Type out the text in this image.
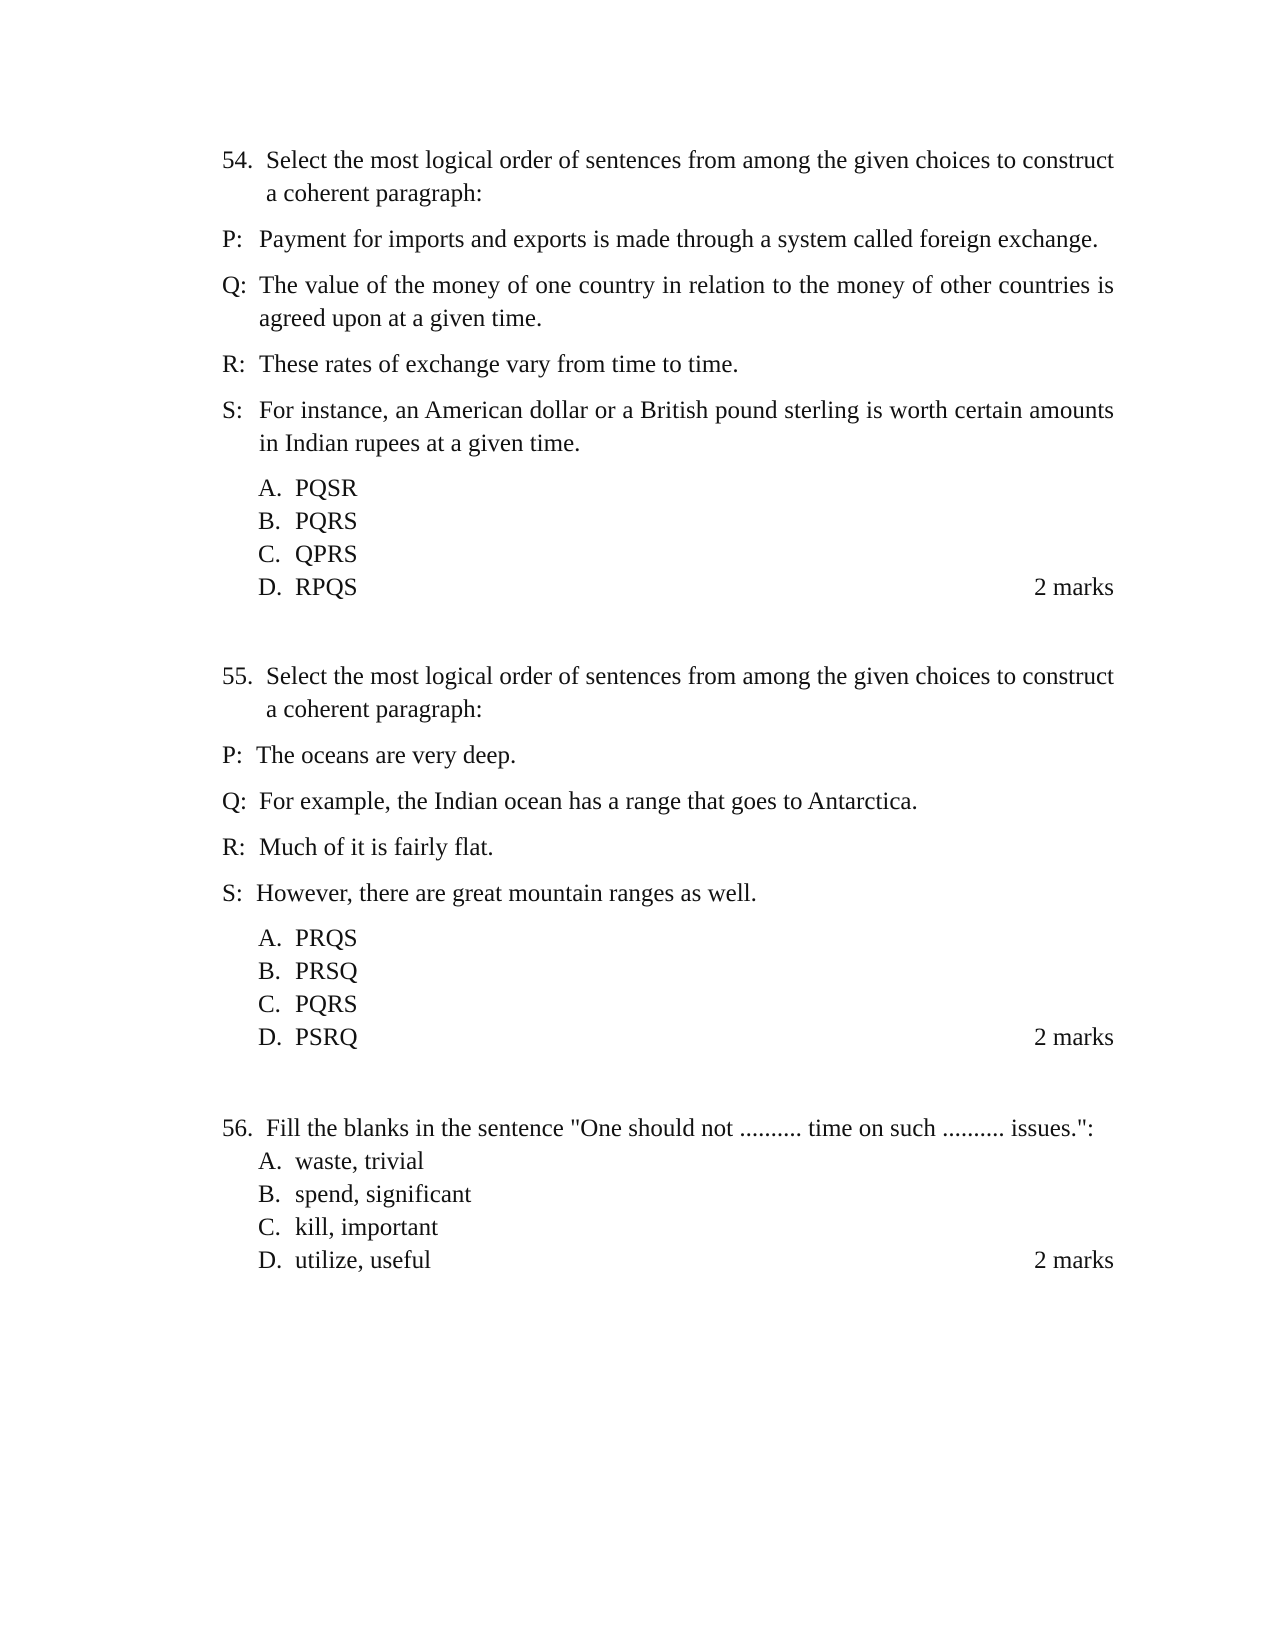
54. Select the most logical order of sentences from among the given choices to construct a coherent paragraph:
P: Payment for imports and exports is made through a system called foreign exchange.
Q: The value of the money of one country in relation to the money of other countries is agreed upon at a given time.
R: These rates of exchange vary from time to time.
S: For instance, an American dollar or a British pound sterling is worth certain amounts in Indian rupees at a given time.
A. PQSR
B. PQRS
C. QPRS
D. RPQS	2 marks
55. Select the most logical order of sentences from among the given choices to construct a coherent paragraph:
P: The oceans are very deep.
Q: For example, the Indian ocean has a range that goes to Antarctica.
R: Much of it is fairly flat.
S: However, there are great mountain ranges as well.
A. PRQS
B. PRSQ
C. PQRS
D. PSRQ	2 marks
56. Fill the blanks in the sentence "One should not .......... time on such .......... issues.":
A. waste, trivial
B. spend, significant
C. kill, important
D. utilize, useful	2 marks
